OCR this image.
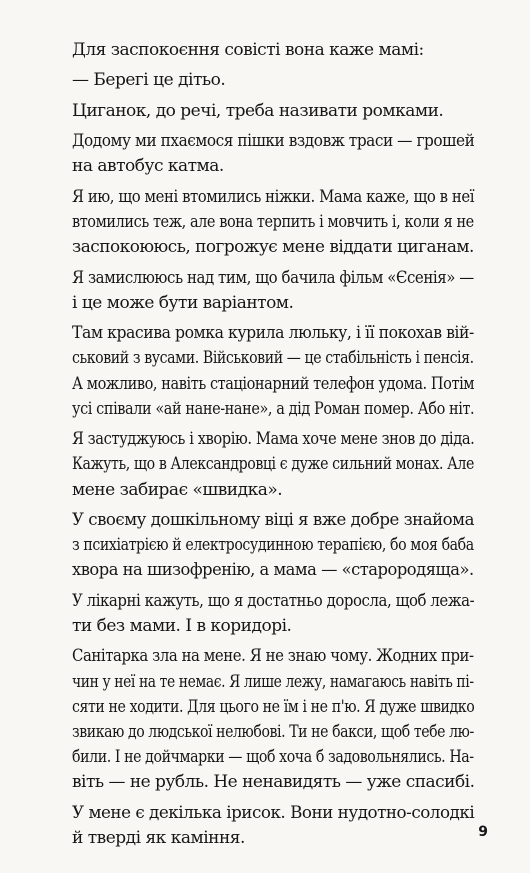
Для заспокоєння совісті вона каже мамі:

— Берегі це дітьо.

Циганок, до речі, треба називати ромками.

Додому ми пхаємося пішки вздовж траси — грошей
на автобус катма.

Я ию, що мені втомились ніжки. Мама каже, що в неї
втомились теж, але вона терпить і мовчить і, коли я не
заспокоююсь, погрожує мене віддати циганам.

Я замислююсь над тим, що бачила фільм «Єсенія» —
і це може бути варіантом.

Там красива ромка курила люльку, і її покохав вій-
ськовий з вусами. Військовий — це стабільність і пенсія.
А можливо, навіть стаціонарний телефон удома. Потім
усі співали «ай нане-нане», а дід Роман помер. Або ніт.

Я застуджуюсь і хворію. Мама хоче мене знов до діда.
Кажуть, що в Александровці є дуже сильний монах. Але
мене забирає «швидка».

У своєму дошкільному віці я вже добре знайома
з психіатрією й електросудинною терапією, бо моя баба
хвора на шизофренію, а мама — «старородяща».

У лікарні кажуть, що я достатньо доросла, щоб лежа-
ти без мами. І в коридорі.

Санітарка зла на мене. Я не знаю чому. Жодних при-
чин у неї на те немає. Я лише лежу, намагаюсь навіть пі-
сяти не ходити. Для цього не їм і не п'ю. Я дуже швидко
звикаю до людської нелюбові. Ти не бакси, щоб тебе лю-
били. І не дойчмарки — щоб хоча б задовольнялись. На-
віть — не рубль. Не ненавидять — уже спасибі.

У мене є декілька ірисок. Вони нудотно-солодкі
й тверді як каміння.	9
